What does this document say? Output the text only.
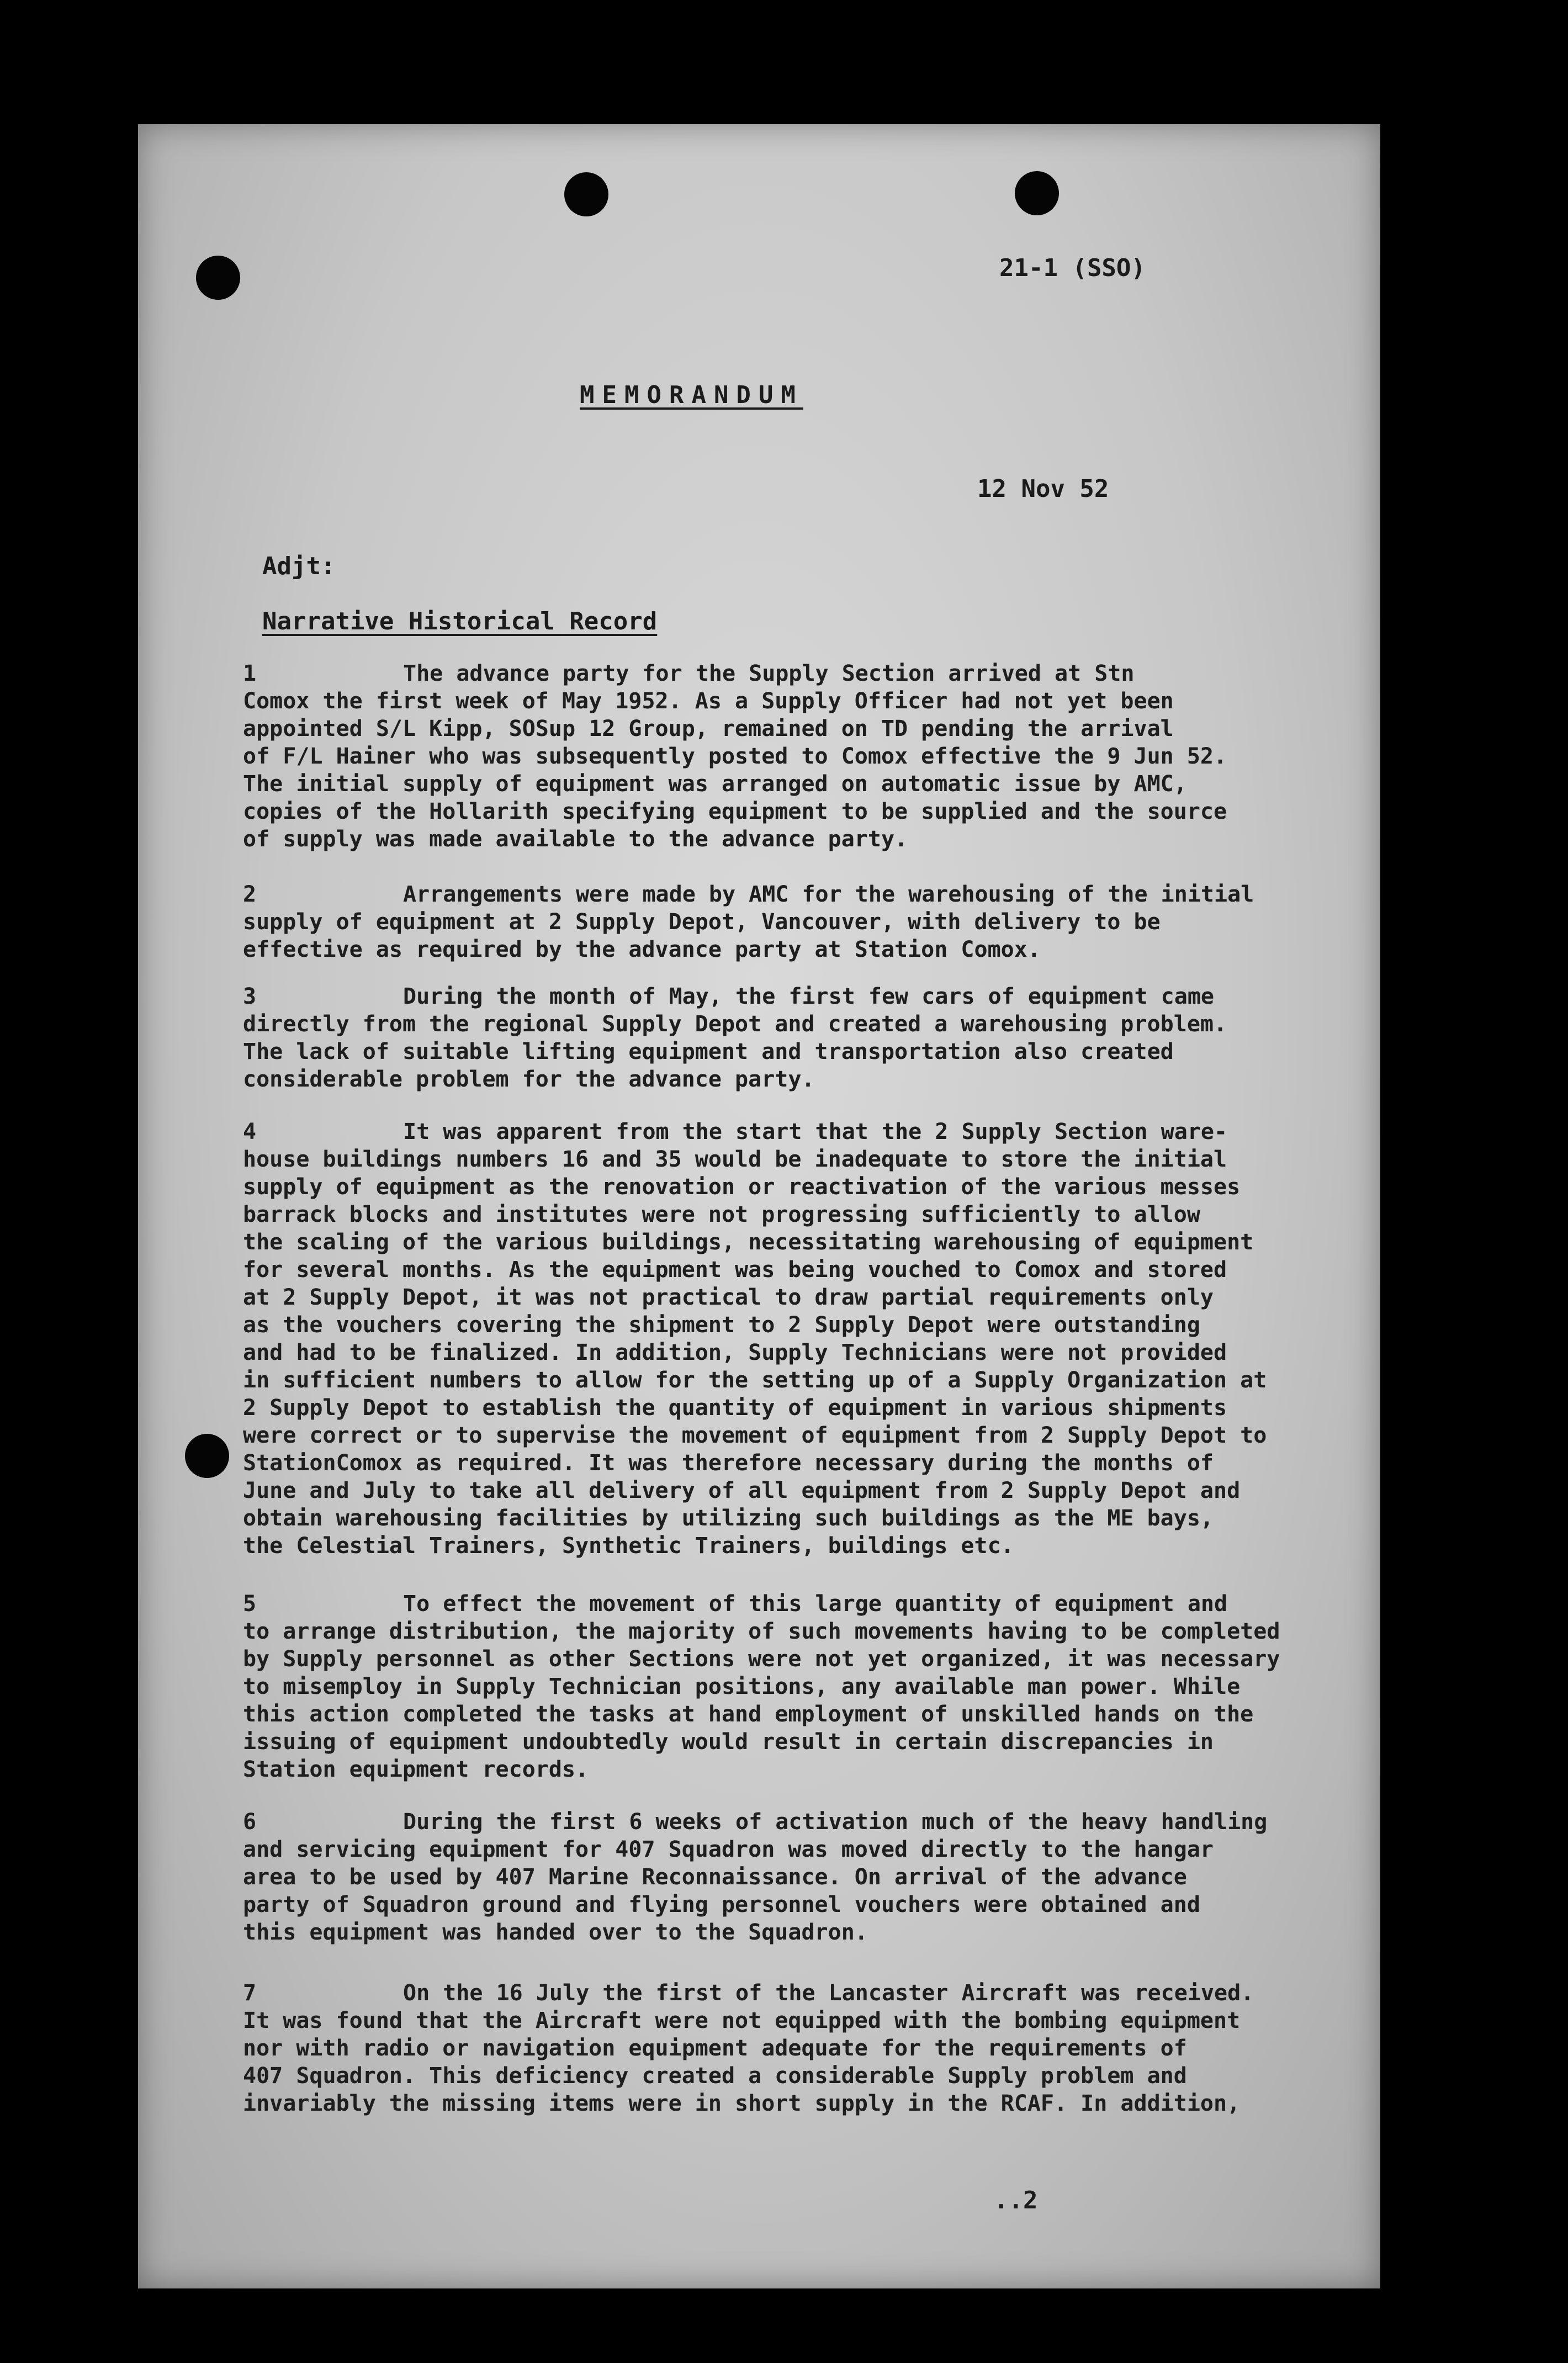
21-1 (SSO)
MEMORANDUM
12 Nov 52
Adjt:
Narrative Historical Record
1	The advance party for the Supply Section arrived at Stn
Comox the first week of May 1952. As a Supply Officer had not yet been
appointed S/L Kipp, SOSup 12 Group, remained on TD pending the arrival
of F/L Hainer who was subsequently posted to Comox effective the 9 Jun 52.
The initial supply of equipment was arranged on automatic issue by AMC,
copies of the Hollarith specifying equipment to be supplied and the source
of supply was made available to the advance party.
2	Arrangements were made by AMC for the warehousing of the initial
supply of equipment at 2 Supply Depot, Vancouver, with delivery to be
effective as required by the advance party at Station Comox.
3	During the month of May, the first few cars of equipment came
directly from the regional Supply Depot and created a warehousing problem.
The lack of suitable lifting equipment and transportation also created
considerable problem for the advance party.
4	It was apparent from the start that the 2 Supply Section ware-
house buildings numbers 16 and 35 would be inadequate to store the initial
supply of equipment as the renovation or reactivation of the various messes
barrack blocks and institutes were not progressing sufficiently to allow
the scaling of the various buildings, necessitating warehousing of equipment
for several months. As the equipment was being vouched to Comox and stored
at 2 Supply Depot, it was not practical to draw partial requirements only
as the vouchers covering the shipment to 2 Supply Depot were outstanding
and had to be finalized. In addition, Supply Technicians were not provided
in sufficient numbers to allow for the setting up of a Supply Organization at
2 Supply Depot to establish the quantity of equipment in various shipments
were correct or to supervise the movement of equipment from 2 Supply Depot to
StationComox as required. It was therefore necessary during the months of
June and July to take all delivery of all equipment from 2 Supply Depot and
obtain warehousing facilities by utilizing such buildings as the ME bays,
the Celestial Trainers, Synthetic Trainers, buildings etc.
5	To effect the movement of this large quantity of equipment and
to arrange distribution, the majority of such movements having to be completed
by Supply personnel as other Sections were not yet organized, it was necessary
to misemploy in Supply Technician positions, any available man power. While
this action completed the tasks at hand employment of unskilled hands on the
issuing of equipment undoubtedly would result in certain discrepancies in
Station equipment records.
6	During the first 6 weeks of activation much of the heavy handling
and servicing equipment for 407 Squadron was moved directly to the hangar
area to be used by 407 Marine Reconnaissance. On arrival of the advance
party of Squadron ground and flying personnel vouchers were obtained and
this equipment was handed over to the Squadron.
7	On the 16 July the first of the Lancaster Aircraft was received.
It was found that the Aircraft were not equipped with the bombing equipment
nor with radio or navigation equipment adequate for the requirements of
407 Squadron. This deficiency created a considerable Supply problem and
invariably the missing items were in short supply in the RCAF. In addition,
..2
